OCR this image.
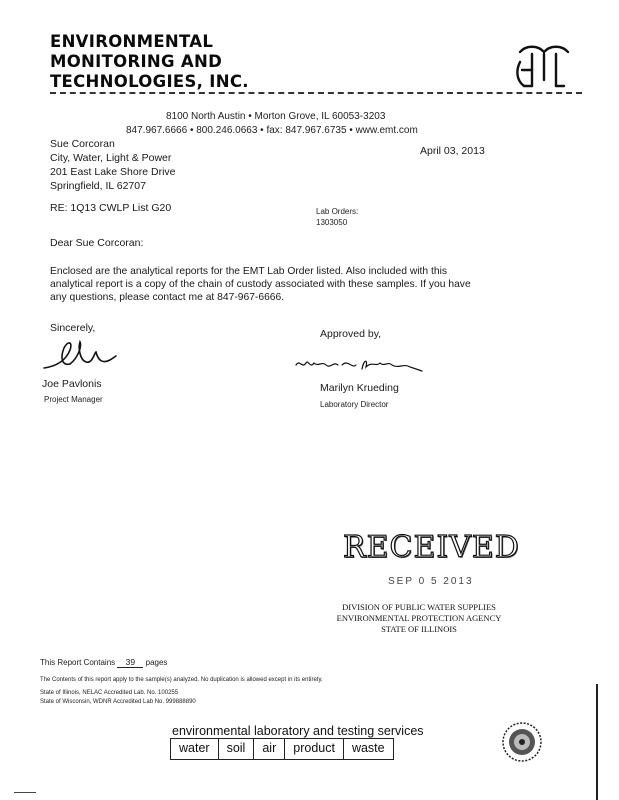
ENVIRONMENTAL
MONITORING AND
TECHNOLOGIES, INC.
8100 North Austin • Morton Grove, IL 60053-3203
847.967.6666 • 800.246.0663 • fax: 847.967.6735 • www.emt.com
Sue Corcoran
City, Water, Light & Power
201 East Lake Shore Drive
Springfield, IL 62707
April 03, 2013
RE: 1Q13 CWLP List G20	Lab Orders:
1303050
Dear Sue Corcoran:
Enclosed are the analytical reports for the EMT Lab Order listed. Also included with this analytical report is a copy of the chain of custody associated with these samples. If you have any questions, please contact me at 847-967-6666.
Sincerely,	Approved by,
Joe Pavlonis
Project Manager
Marilyn Krueding
Laboratory Director
RECEIVED
SEP 0 5 2013
DIVISION OF PUBLIC WATER SUPPLIES
ENVIRONMENTAL PROTECTION AGENCY
STATE OF ILLINOIS
This Report Contains 39 pages
The Contents of this report apply to the sample(s) analyzed. No duplication is allowed except in its entirety.
State of Illinois, NELAC Accredited Lab. No. 100255
State of Wisconsin, WDNR Accredited Lab No. 999888890
environmental laboratory and testing services
water	soil	air	product	waste
